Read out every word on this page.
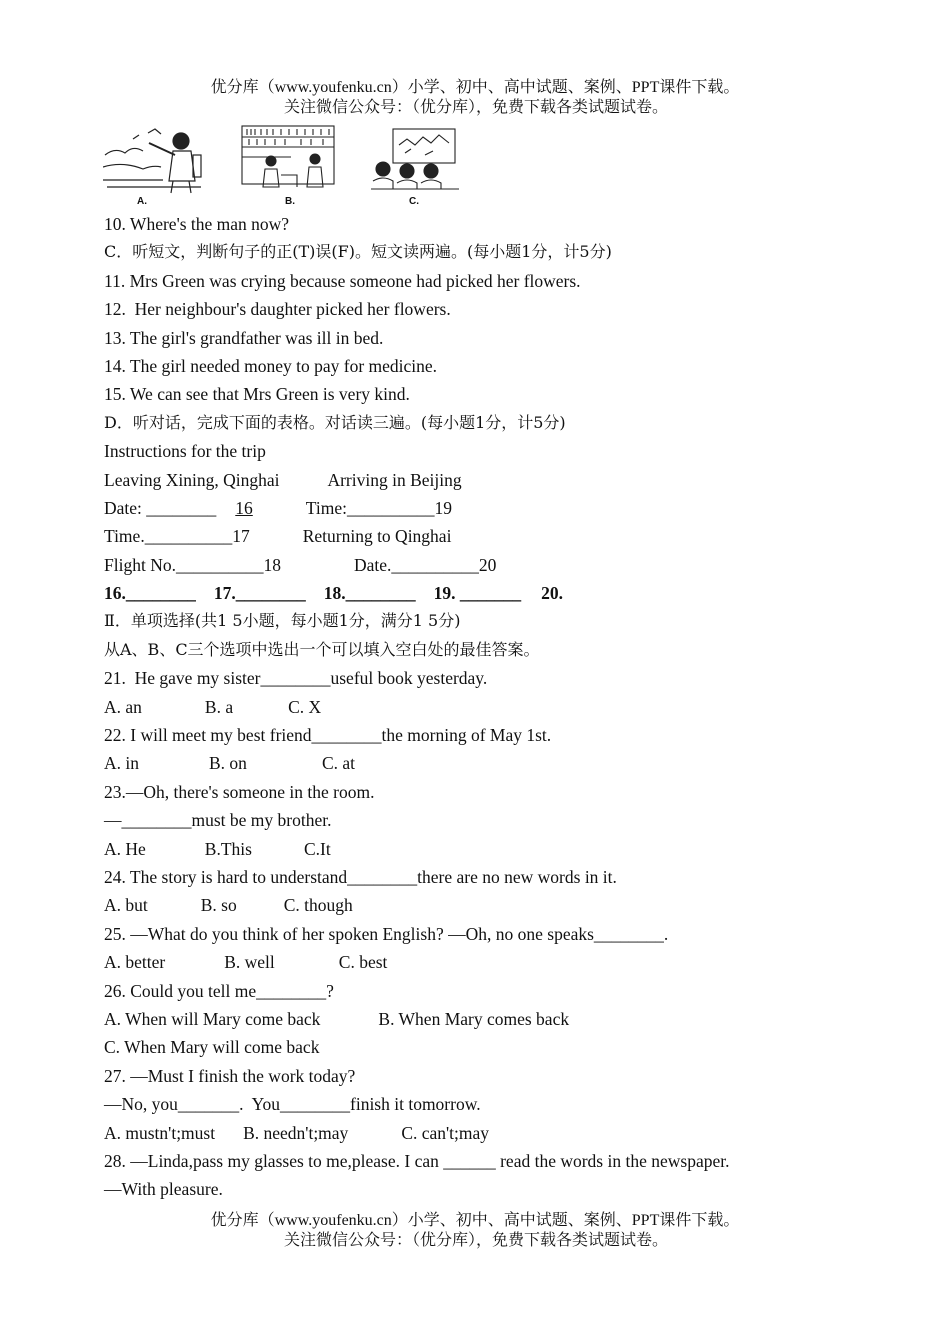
优分库（www.youfenku.cn）小学、初中、高中试题、案例、PPT课件下载。
关注微信公众号：（优分库），免费下载各类试题试卷。
A.	B.	C.
10. Where's the man now?
C．听短文，判断句子的正(T)误(F)。短文读两遍。(每小题1分，计5分)
11. Mrs Green was crying because someone had picked her flowers.
12.  Her neighbour's daughter picked her flowers.
13. The girl's grandfather was ill in bed.
14. The girl needed money to pay for medicine.
15. We can see that Mrs Green is very kind.
D．听对话，完成下面的表格。对话读三遍。(每小题1分，计5分)
Instructions for the trip
Leaving Xining, Qinghai	Arriving in Beijing
Date: ________ 16	Time:__________19
Time.__________17	Returning to Qinghai
Flight No.__________18	Date.__________20
16.________ 17.________ 18.________ 19. _______ 20.
Ⅱ．单项选择(共1 5小题，每小题1分，满分1 5分)
从A、B、C三个选项中选出一个可以填入空白处的最佳答案。
21.  He gave my sister________useful book yesterday.
A. an	B. a	C. X
22. I will meet my best friend________the morning of May 1st.
A. in	B. on	C. at
23.—Oh, there's someone in the room.
—________must be my brother.
A. He	B.This	C.It
24. The story is hard to understand________there are no new words in it.
A. but	B. so	C. though
25. —What do you think of her spoken English? —Oh, no one speaks________.
A. better	B. well	C. best
26. Could you tell me________?
A. When will Mary come back	B. When Mary comes back
C. When Mary will come back
27. —Must I finish the work today?
—No, you_______.  You________finish it tomorrow.
A. mustn't;must B. needn't;may	C. can't;may
28. —Linda,pass my glasses to me,please. I can ______ read the words in the newspaper.
—With pleasure.
优分库（www.youfenku.cn）小学、初中、高中试题、案例、PPT课件下载。
关注微信公众号：（优分库），免费下载各类试题试卷。
